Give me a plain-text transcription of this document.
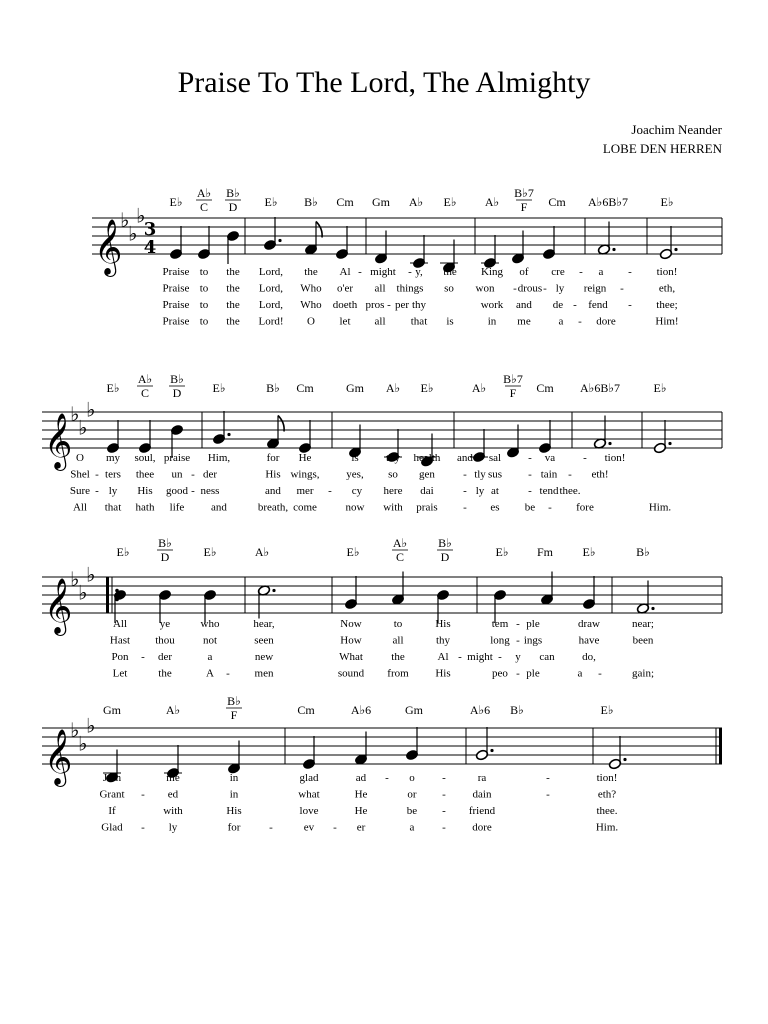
Praise To The Lord, The Almighty
Joachim Neander
LOBE DEN HERREN
𝄞
♭
♭
♭
3
4
E♭
A♭
C
B♭
D E♭ B♭ Cm Gm A♭ E♭ A♭
B♭7
F Cm A♭6B♭7	E♭
Praise to the Lord, the Al - might - y, the King of cre - a - tion!
Praise to the Lord, Who o'er all things so won - drous - ly reign -	eth,
Praise to the Lord, Who doeth pros - per thy	work and de - fend - thee;
Praise to the Lord! O let all that is	in me	a - dore	Him!
𝄞
♭
♭
♭
E♭
A♭
C
B♭
D	E♭	B♭ Cm	Gm A♭ E♭	A♭
B♭7
F Cm A♭6B♭7	E♭
O my soul, praise Him,	for He	is thy health and sal - va	- tion!
Shel - ters thee un - der	His wings, yes, so gen	- tly sus - tain - eth!
Sure - ly His good - ness	and mer - cy here dai	- ly at	- tend thee.
All that hath life and	breath, come	now with prais - es be - fore	Him.
𝄞
♭
♭
♭
E♭
B♭
D	E♭	A♭	E♭
A♭
C
B♭
D	E♭ Fm E♭	B♭
All	ye	who	hear,	Now	to	His	tem - ple	draw	near;
Hast thou	not	seen	How	all	thy	long - ings	have	been
Pon - der	a	new	What	the	Al - might - y can do,
Let	the	A - men	sound from His	peo - ple	a -	gain;
𝄞
♭
♭
♭
Gm	A♭
B♭
F	Cm	A♭6	Gm	A♭6 B♭	E♭
Join	me	in	glad	ad - o -	ra	-	tion!
Grant - ed	in	what	He	or - dain	-	eth?
If	with	His	love	He	be - friend	thee.
Glad - ly	for	-	ev - er	a	- dore	Him.
